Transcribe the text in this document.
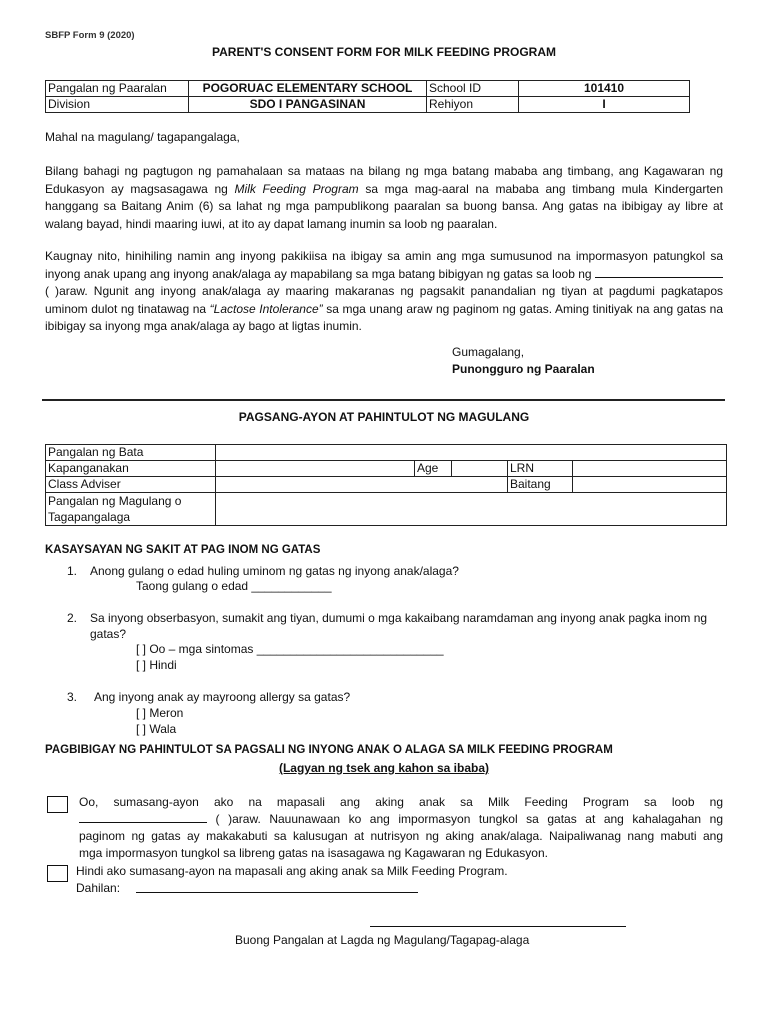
SBFP Form 9 (2020)
PARENT'S CONSENT FORM FOR MILK FEEDING PROGRAM
Pangalan ng Paaralan	POGORUAC ELEMENTARY SCHOOL	School ID	101410
Division	SDO I PANGASINAN	Rehiyon	I
Mahal na magulang/ tagapangalaga,
Bilang bahagi ng pagtugon ng pamahalaan sa mataas na bilang ng mga batang mababa ang timbang, ang Kagawaran ng Edukasyon ay magsasagawa ng Milk Feeding Program sa mga mag-aaral na mababa ang timbang mula Kindergarten hanggang sa Baitang Anim (6) sa lahat ng mga pampublikong paaralan sa buong bansa. Ang gatas na ibibigay ay libre at walang bayad, hindi maaring iuwi, at ito ay dapat lamang inumin sa loob ng paaralan.
Kaugnay nito, hinihiling namin ang inyong pakikiisa na ibigay sa amin ang mga sumusunod na impormasyon patungkol sa inyong anak upang ang inyong anak/alaga ay mapabilang sa mga batang bibigyan ng gatas sa loob ng ( )araw. Ngunit ang inyong anak/alaga ay maaring makaranas ng pagsakit panandalian ng tiyan at pagdumi pagkatapos uminom dulot ng tinatawag na “Lactose Intolerance” sa mga unang araw ng paginom ng gatas. Aming tinitiyak na ang gatas na ibibigay sa inyong mga anak/alaga ay bago at ligtas inumin.
Gumagalang,
Punongguro ng Paaralan
PAGSANG-AYON AT PAHINTULOT NG MAGULANG
Pangalan ng Bata					
Kapanganakan		Age		LRN	
Class Adviser				Baitang	

Pangalan ng Magulang o
Tagapangalaga					

KASAYSAYAN NG SAKIT AT PAG INOM NG GATAS
1. Anong gulang o edad huling uminom ng gatas ng inyong anak/alaga?
Taong gulang o edad ____________
2. Sa inyong obserbasyon, sumakit ang tiyan, dumumi o mga kakaibang naramdaman ang inyong anak pagka inom ng
gatas?
[ ] Oo – mga sintomas ____________________________
[ ] Hindi
3. Ang inyong anak ay mayroong allergy sa gatas?
[ ] Meron
[ ] Wala
PAGBIBIGAY NG PAHINTULOT SA PAGSALI NG INYONG ANAK O ALAGA SA MILK FEEDING PROGRAM
(Lagyan ng tsek ang kahon sa ibaba)
Oo, sumasang-ayon ako na mapasali ang aking anak sa Milk Feeding Program sa loob ng
( )araw. Nauunawaan ko ang impormasyon tungkol sa gatas at ang kahalagahan ng
paginom ng gatas ay makakabuti sa kalusugan at nutrisyon ng aking anak/alaga. Naipaliwanag nang mabuti ang
mga impormasyon tungkol sa libreng gatas na isasagawa ng Kagawaran ng Edukasyon.
Hindi ako sumasang-ayon na mapasali ang aking anak sa Milk Feeding Program.
Dahilan:
Buong Pangalan at Lagda ng Magulang/Tagapag-alaga
